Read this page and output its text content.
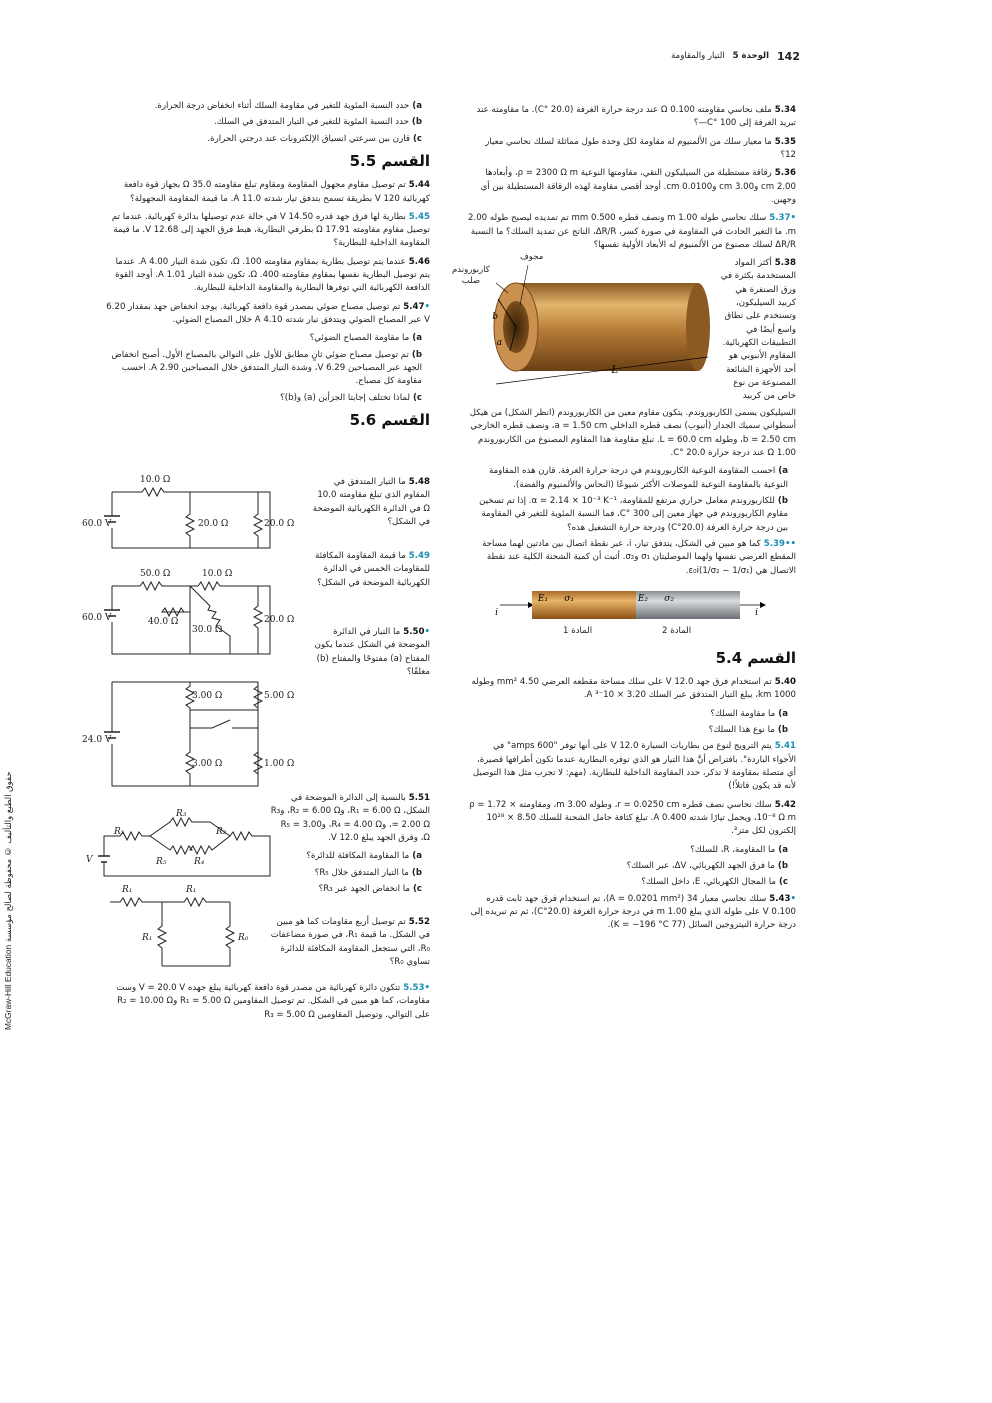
142
الوحدة 5
التيار والمقاومة
McGraw-Hill Education حقوق الطبع والتأليف © محفوظة لصالح مؤسسة
5.34ملف نحاسي مقاومته 0.100 Ω عند درجة حرارة الغرفة (20.0 °C). ما مقاومته عند تبريد الغرفة إلى 100 °C—؟
5.35ما معيار سلك من الألمنيوم له مقاومة لكل وحدة طول مماثلة لسلك نحاسي معيار 12؟
5.36رقاقة مستطيلة من السيليكون النقي، مقاومتها النوعية ρ = 2300 Ω m، وأبعادها 2.00 cm و3.00 cm و0.0100 cm. أوجد أقصى مقاومة لهذه الرقاقة المستطيلة بين أي وجهين.
•5.37سلك نحاسي طوله 1.00 m ونصف قطره 0.500 mm تم تمديده ليصبح طوله 2.00 m. ما التغير الحادث في المقاومة في صورة كسر، ΔR/R، الناتج عن تمديد السلك؟ ما النسبة ΔR/R لسلك مصنوع من الألمنيوم له الأبعاد الأولية نفسها؟
5.38أكثر المواد المستخدمة بكثرة في ورق الصنفرة هي كربيد السيليكون، وتستخدم على نطاق واسع أيضًا في التطبيقات الكهربائية. المقاوم الأنبوبي هو أحد الأجهزة الشائعة المصنوعة من نوع خاص من كربيد
b
a
L
مجوف
كاربوروندم
صلب
السيليكون يسمى الكاربوروندم. يتكون مقاوم معين من الكاربوروندم (انظر الشكل) من هيكل أسطواني سميك الجدار (أنبوب) نصف قطره الداخلي a = 1.50 cm، ونصف قطره الخارجي b = 2.50 cm، وطوله L = 60.0 cm. تبلغ مقاومة هذا المقاوم المصنوع من الكاربوروندم 1.00 Ω عند درجة حرارة 20.0 °C.
a)احسب المقاومة النوعية الكاربوروندم في درجة حرارة الغرفة. قارن هذه المقاومة النوعية بالمقاومة النوعية للموصلات الأكثر شيوعًا (النحاس والألمنيوم والفضة).
b)للكاربوروندم معامل حراري مرتفع للمقاومة، α = 2.14 × 10⁻³ K⁻¹. إذا تم تسخين مقاوم الكاربوروندم في جهاز معين إلى 300 °C، فما النسبة المئوية للتغير في المقاومة بين درجة حرارة الغرفة (20.0°C) ودرجة حرارة التشغيل هذه؟
••5.39كما هو مبين في الشكل، يتدفق تيار، i، عبر نقطة اتصال بين مادتين لهما مساحة المقطع العرضي نفسها ولهما الموصليتان σ₁ وσ₂. أثبت أن كمية الشحنة الكلية عند نقطة الاتصال هي ε₀i(1/σ₂ − 1/σ₁).
i	i
E₁ σ₁	E₂ σ₂
المادة 1	المادة 2
القسم 5.4
5.40تم استخدام فرق جهد 12.0 V على سلك مساحة مقطعه العرضي 4.50 mm² وطوله 1000 km، يبلغ التيار المتدفق عبر السلك 3.20 × 10⁻³ A.
a)ما مقاومة السلك؟
b)ما نوع هذا السلك؟
5.41يتم الترويج لنوع من بطاريات السيارة 12.0 V على أنها توفر "600 amps" في الأجواء الباردة". بافتراض أنَّ هذا التيار هو الذي توفره البطارية عندما تكون أطرافها قصيرة، أي متصلة بمقاومة لا تذكر، حدد المقاومة الداخلية للبطارية. (مهم: لا تجرب مثل هذا التوصيل لأنه قد يكون قاتلاً!)
5.42سلك نحاسي نصف قطره r = 0.0250 cm، وطوله 3.00 m، ومقاومته ρ = 1.72 × 10⁻⁸ Ω m، ويحمل تيارًا شدته 0.400 A. تبلغ كثافة حامل الشحنة للسلك 8.50 × 10²⁸ إلكترون لكل متر³.
a)ما المقاومة، R، للسلك؟
b)ما فرق الجهد الكهربائي، ΔV، عبر السلك؟
c)ما المجال الكهربائي، E، داخل السلك؟
•5.43سلك نحاسي معيار 34 (A = 0.0201 mm²)، تم استخدام فرق جهد ثابت قدره 0.100 V على طوله الذي يبلغ 1.00 m في درجة حرارة الغرفة (20.0°C)، ثم تم تبريده إلى درجة حرارة النيتروجين السائل (77 K = −196 °C).
a)حدد النسبة المئوية للتغير في مقاومة السلك أثناء انخفاض درجة الحرارة.
b)حدد النسبة المئوية للتغير في التيار المتدفق في السلك.
c)قارن بين سرعتي انسياق الإلكترونات عند درجتي الحرارة.
القسم 5.5
5.44تم توصيل مقاوم مجهول المقاومة ومقاوم تبلغ مقاومته 35.0 Ω بجهاز قوة دافعة كهربائية 120 V بطريقة تسمح بتدفق تيار شدته 11.0 A. ما قيمة المقاومة المجهولة؟
5.45بطارية لها فرق جهد قدره 14.50 V في حالة عدم توصيلها بدائرة كهربائية. عندما تم توصيل مقاوم مقاومته 17.91 Ω بطرفي البطارية، هبط فرق الجهد إلى 12.68 V. ما قيمة المقاومة الداخلية للبطارية؟
5.46عندما يتم توصيل بطارية بمقاوم مقاومته 100. Ω، تكون شدة التيار 4.00 A. عندما يتم توصيل البطارية نفسها بمقاوم مقاومته 400. Ω، تكون شدة التيار 1.01 A. أوجد القوة الدافعة الكهربائية التي توفرها البطارية والمقاومة الداخلية للبطارية.
•5.47تم توصيل مصباح ضوئي بمصدر قوة دافعة كهربائية. يوجد انخفاض جهد بمقدار 6.20 V عبر المصباح الضوئي ويتدفق تيار شدته 4.10 A خلال المصباح الضوئي.
a)ما مقاومة المصباح الضوئي؟
b)تم توصيل مصباح ضوئي ثانٍ مطابق للأول على التوالي بالمصباح الأول. أصبح انخفاض الجهد عبر المصباحين 6.29 V، وشدة التيار المتدفق خلال المصباحين 2.90 A. احسب مقاومة كل مصباح.
c)لماذا تختلف إجابتا الجزأين (a) و(b)؟
القسم 5.6
5.48ما التيار المتدفق في المقاوم الذي تبلغ مقاومته 10.0 Ω في الدائرة الكهربائية الموضحة في الشكل؟
5.49ما قيمة المقاومة المكافئة للمقاومات الخمس في الدائرة الكهربائية الموضحة في الشكل؟
•5.50ما التيار في الدائرة الموضحة في الشكل عندما يكون المفتاح (a) مفتوحًا والمفتاح (b) مغلقًا؟
5.51بالنسبة إلى الدائرة الموضحة في الشكل، R₁ = 6.00 Ω، وR₂ = 6.00 Ω، وR₃ = 2.00 Ω، وR₄ = 4.00 Ω، وR₅ = 3.00 Ω، وفرق الجهد يبلغ 12.0 V.
a)ما المقاومة المكافئة للدائرة؟
b)ما التيار المتدفق خلال R₅؟
c)ما انخفاض الجهد عبر R₃؟
5.52تم توصيل أربع مقاومات كما هو مبين في الشكل. ما قيمة R₁، في صورة مضاعفات R₀، التي ستجعل المقاومة المكافئة للدائرة تساوي R₀؟
•5.53تتكون دائرة كهربائية من مصدر قوة دافعة كهربائية يبلغ جهده V = 20.0 V وست مقاومات، كما هو مبين في الشكل. تم توصيل المقاومين R₁ = 5.00 Ω وR₂ = 10.00 Ω على التوالي. وتوصيل المقاومين R₃ = 5.00 Ω
10.0 Ω
60.0 V	20.0 Ω	20.0 Ω
50.0 Ω	10.0 Ω
60.0 V	40.0 Ω
30.0 Ω
20.0 Ω
3.00 Ω	5.00 Ω
24.0 V
3.00 Ω	1.00 Ω
R₁	R₂
R₃
R₄
R₅
V
R₁	R₁
R₁	R₀
